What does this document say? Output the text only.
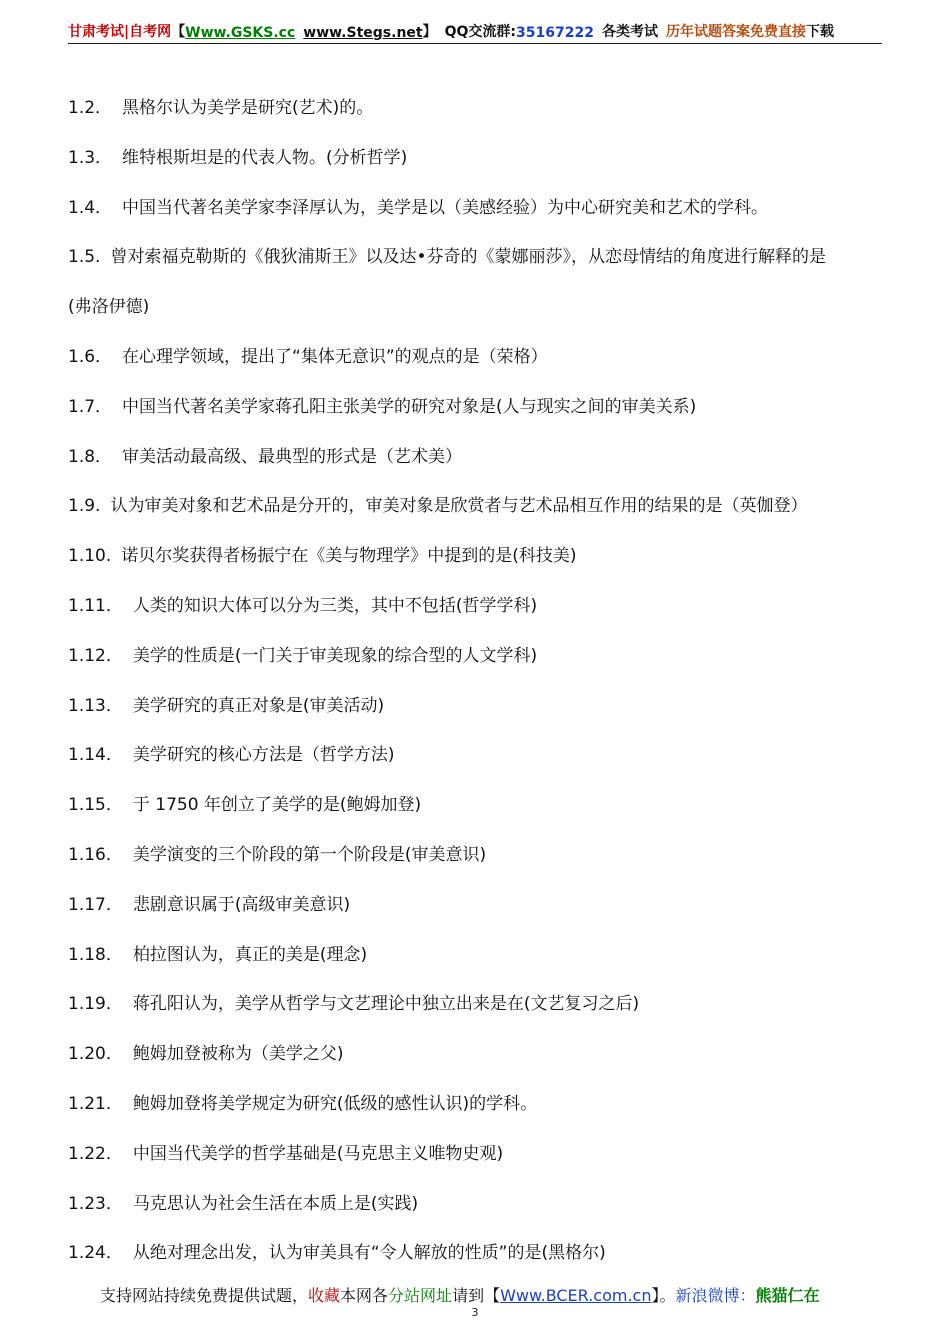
甘肃考试|自考网 【 Www.GSKS.cc www.Stegs.net 】 QQ交流群: 35167222 各类考试 历年试题答案免费直接 下载
1.2． 黑格尔认为美学是研究(艺术)的。
1.3． 维特根斯坦是的代表人物。(分析哲学)
1.4． 中国当代著名美学家李泽厚认为，美学是以（美感经验）为中心研究美和艺术的学科。
1.5. 曾对索福克勒斯的《俄狄浦斯王》以及达•芬奇的《蒙娜丽莎》，从恋母情结的角度进行解释的是
(弗洛伊德)
1.6． 在心理学领域，提出了“集体无意识”的观点的是（荣格）
1.7． 中国当代著名美学家蒋孔阳主张美学的研究对象是(人与现实之间的审美关系)
1.8． 审美活动最高级、最典型的形式是（艺术美）
1.9. 认为审美对象和艺术品是分开的，审美对象是欣赏者与艺术品相互作用的结果的是（英伽登）
1.10. 诺贝尔奖获得者杨振宁在《美与物理学》中提到的是(科技美)
1.11． 人类的知识大体可以分为三类，其中不包括(哲学学科)
1.12． 美学的性质是(一门关于审美现象的综合型的人文学科)
1.13． 美学研究的真正对象是(审美活动)
1.14． 美学研究的核心方法是（哲学方法)
1.15． 于 1750 年创立了美学的是(鲍姆加登)
1.16． 美学演变的三个阶段的第一个阶段是(审美意识)
1.17． 悲剧意识属于(高级审美意识)
1.18． 柏拉图认为，真正的美是(理念)
1.19． 蒋孔阳认为，美学从哲学与文艺理论中独立出来是在(文艺复习之后)
1.20． 鲍姆加登被称为（美学之父)
1.21． 鲍姆加登将美学规定为研究(低级的感性认识)的学科。
1.22． 中国当代美学的哲学基础是(马克思主义唯物史观)
1.23． 马克思认为社会生活在本质上是(实践)
1.24． 从绝对理念出发，认为审美具有“令人解放的性质”的是(黑格尔)
支持网站持续免费提供试题，收藏本网各分站网址请到【Www.BCER.com.cn】。新浪微博：熊猫仁在
3
